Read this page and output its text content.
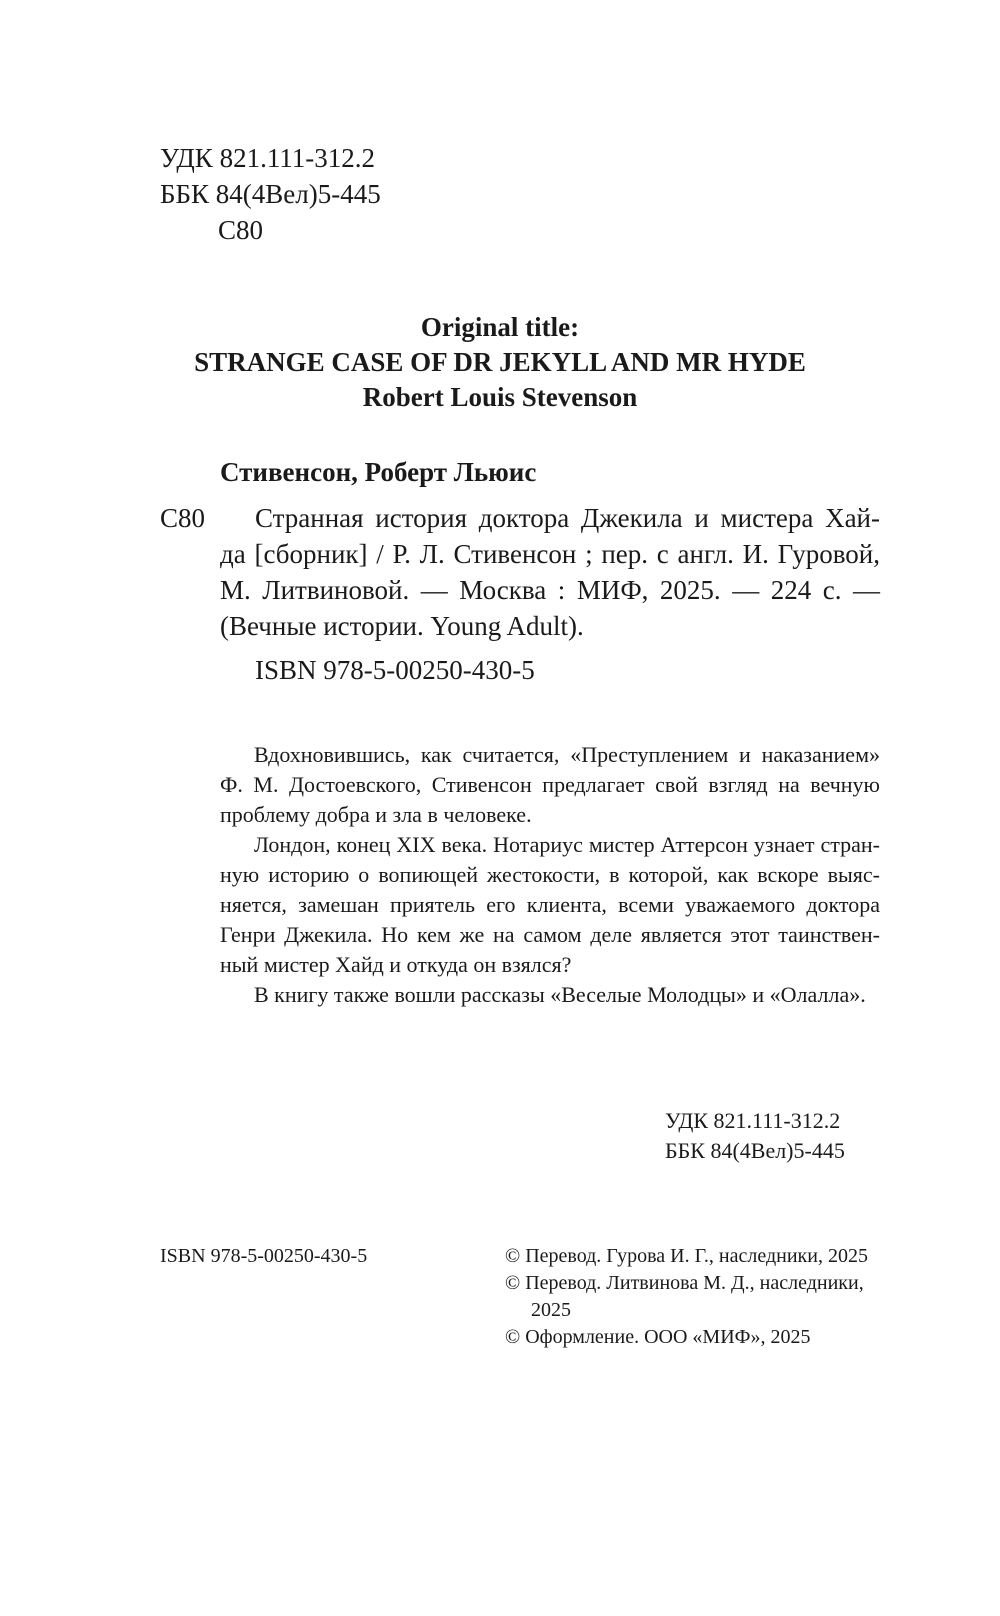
УДК 821.111-312.2
ББК 84(4Вел)5-445
С80
Original title:
STRANGE CASE OF DR JEKYLL AND MR HYDE
Robert Louis Stevenson
Стивенсон, Роберт Льюис
С80	Странная история доктора Джекила и мистера Хай-
да [сборник] / Р. Л. Стивенсон ; пер. с англ. И. Гуровой,
М. Литвиновой. — Москва : МИФ, 2025. — 224 с. —
(Вечные истории. Young Adult).
ISBN 978-5-00250-430-5
Вдохновившись, как считается, «Преступлением и наказанием»
Ф. М. Достоевского, Стивенсон предлагает свой взгляд на вечную
проблему добра и зла в человеке.
Лондон, конец XIX века. Нотариус мистер Аттерсон узнает стран-
ную историю о вопиющей жестокости, в которой, как вскоре выяс-
няется, замешан приятель его клиента, всеми уважаемого доктора
Генри Джекила. Но кем же на самом деле является этот таинствен-
ный мистер Хайд и откуда он взялся?
В книгу также вошли рассказы «Веселые Молодцы» и «Олалла».
УДК 821.111-312.2
ББК 84(4Вел)5-445
ISBN 978-5-00250-430-5	© Перевод. Гурова И. Г., наследники, 2025
© Перевод. Литвинова М. Д., наследники,
2025
© Оформление. ООО «МИФ», 2025
